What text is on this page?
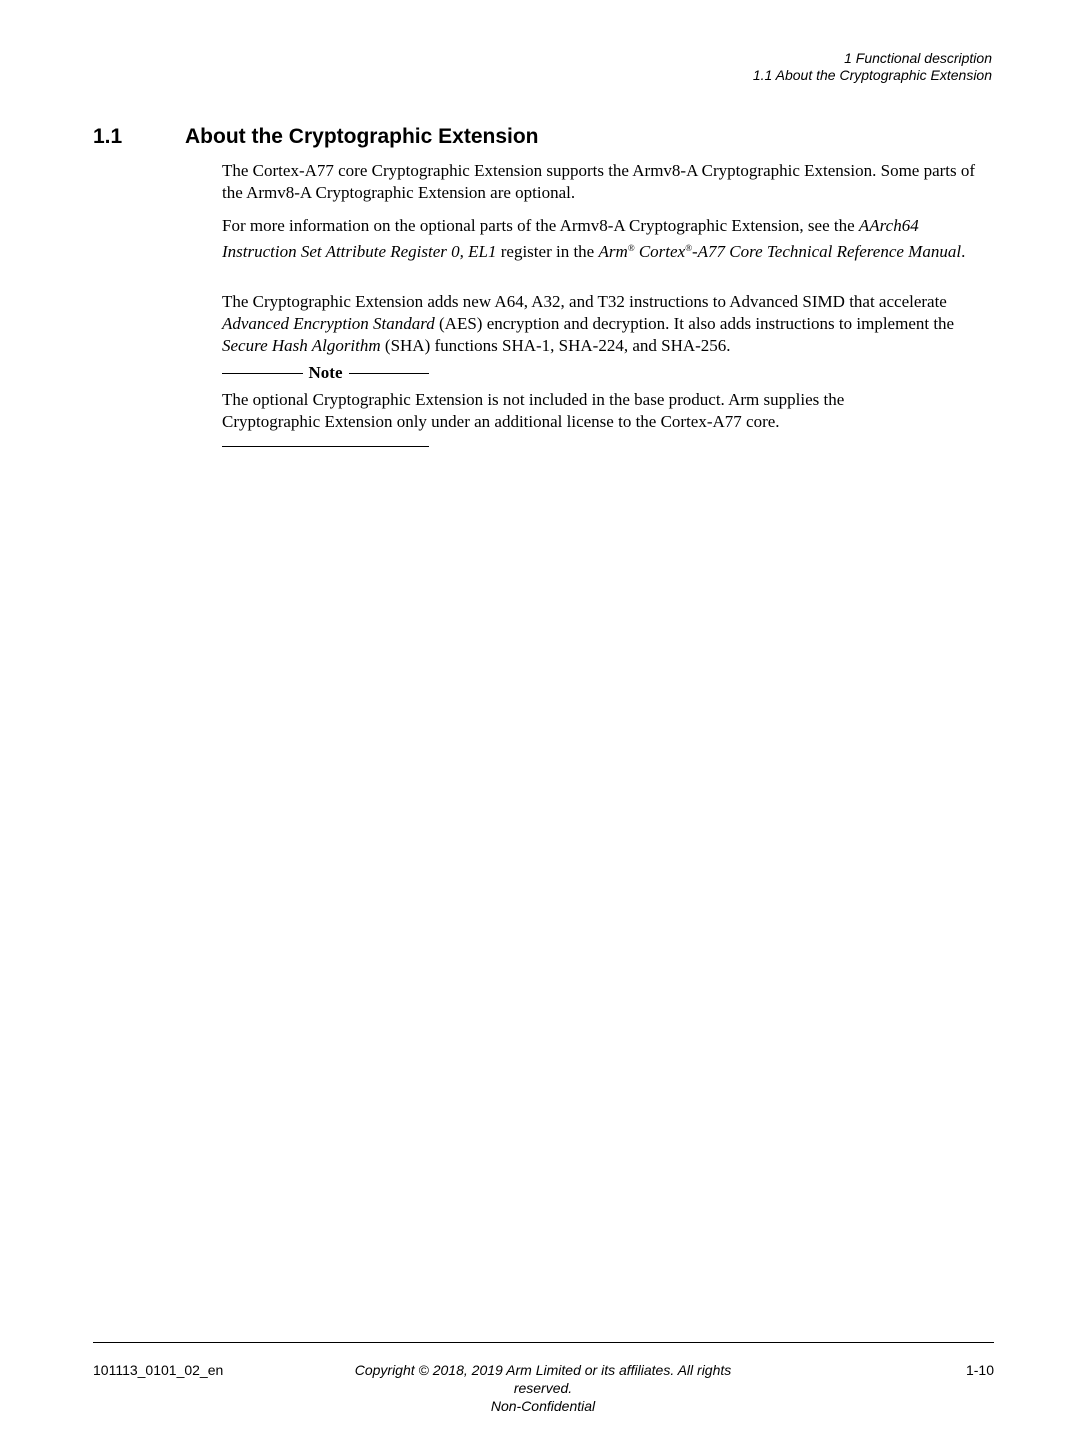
1 Functional description
1.1 About the Cryptographic Extension
1.1	About the Cryptographic Extension

The Cortex-A77 core Cryptographic Extension supports the Armv8-A Cryptographic Extension. Some parts of the Armv8-A Cryptographic Extension are optional.

For more information on the optional parts of the Armv8-A Cryptographic Extension, see the AArch64 Instruction Set Attribute Register 0, EL1 register in the Arm® Cortex®-A77 Core Technical Reference Manual.

The Cryptographic Extension adds new A64, A32, and T32 instructions to Advanced SIMD that accelerate Advanced Encryption Standard (AES) encryption and decryption. It also adds instructions to implement the Secure Hash Algorithm (SHA) functions SHA-1, SHA-224, and SHA-256.

Note

The optional Cryptographic Extension is not included in the base product. Arm supplies the Cryptographic Extension only under an additional license to the Cortex-A77 core.

101113_0101_02_en	Copyright © 2018, 2019 Arm Limited or its affiliates. All rights
reserved.
Non-Confidential
1-10
